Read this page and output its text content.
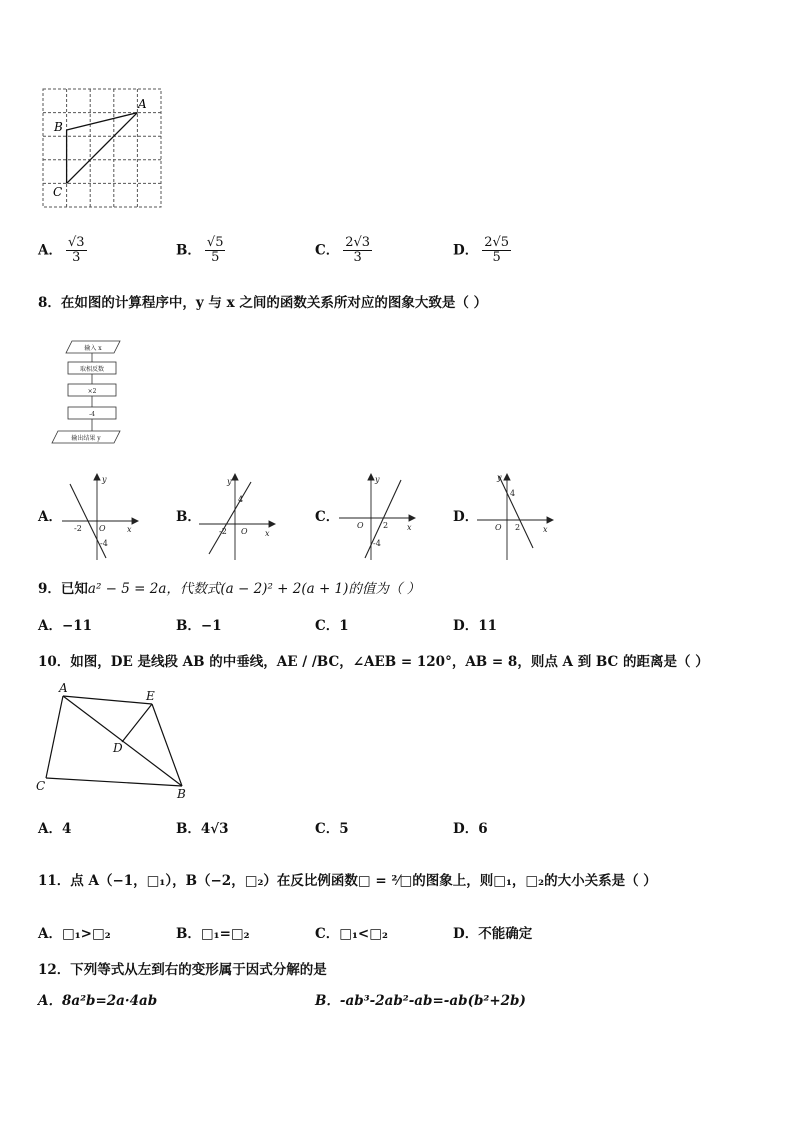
A
B
C
A． $\frac{√3}{3}$	B． $\frac{√5}{5}$	C． $\frac{2√3}{3}$	D． $\frac{2√5}{5}$
8．在如图的计算程序中，y 与 x 之间的函数关系所对应的图象大致是（ ）
输入 x
取相反数
×2
-4
输出结果 y
A．	B．	C．	D．
y
x
O
-2
-4
y
x
O
-2
4
y
x
O 2
-4
y
x
O 2
4
9．已知a² − 5 = 2a，代数式(a − 2)² + 2(a + 1)的值为（ ）
A．−11	B．−1	C．1	D．11
10．如图，DE 是线段 AB 的中垂线，AE / /BC，∠AEB = 120°，AB = 8，则点 A 到 BC 的距离是（ ）
A
E
D
C
B
A．4	B．4√3	C．5	D．6
11．点 A（−1，□₁），B（−2，□₂）在反比例函数□ = ²⁄□的图象上，则□₁，□₂的大小关系是（ ）
A．□₁>□₂	B．□₁=□₂	C．□₁<□₂	D．不能确定
12．下列等式从左到右的变形属于因式分解的是
A．8a²b=2a·4ab	B．-ab³-2ab²-ab=-ab(b²+2b)
